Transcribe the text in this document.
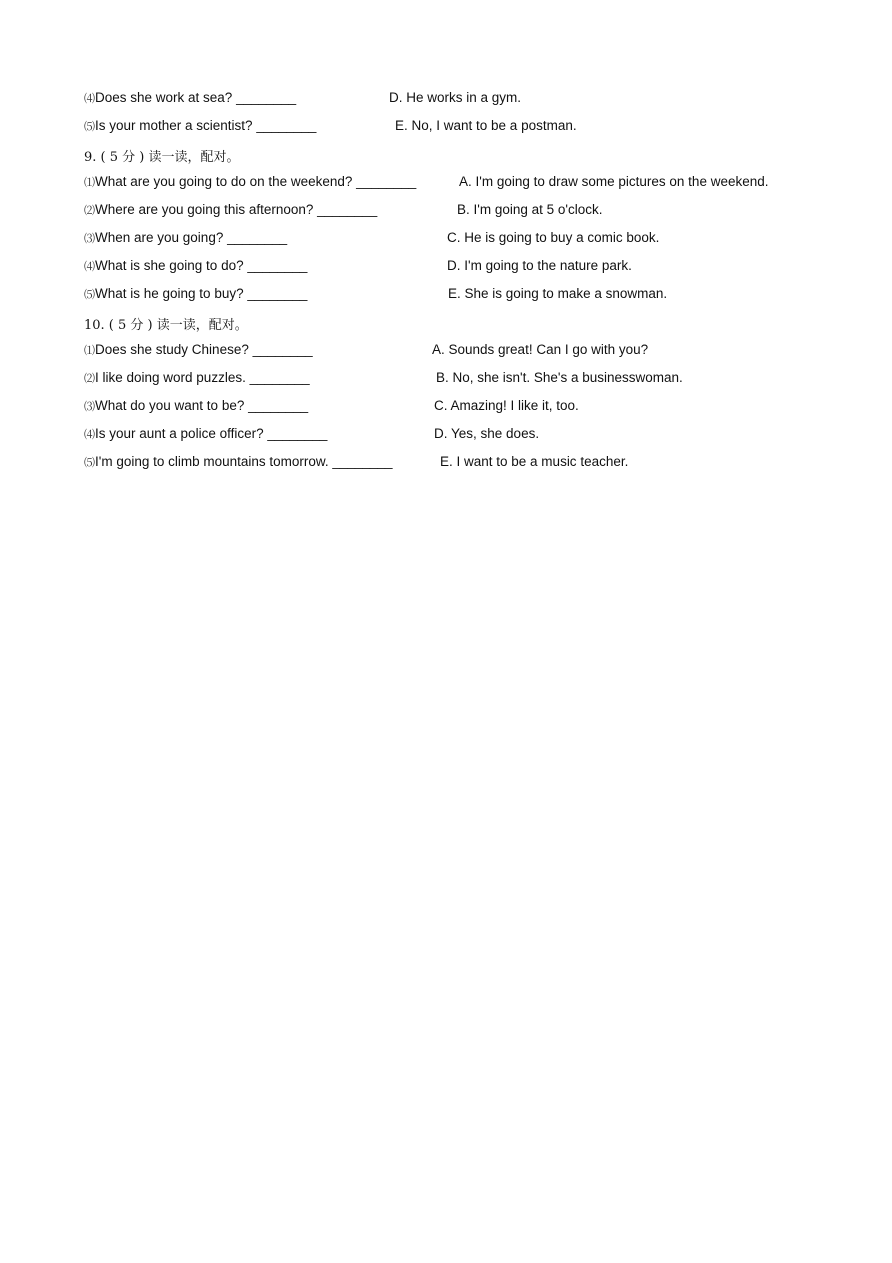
⑷Does she work at sea? ________	D. He works in a gym.
⑸Is your mother a scientist? ________	E. No, I want to be a postman.
9. ( 5 分 ) 读一读，配对。
⑴What are you going to do on the weekend? ________	A. I'm going to draw some pictures on the weekend.
⑵Where are you going this afternoon? ________	B. I'm going at 5 o'clock.
⑶When are you going? ________	C. He is going to buy a comic book.
⑷What is she going to do? ________	D. I'm going to the nature park.
⑸What is he going to buy? ________	E. She is going to make a snowman.
10. ( 5 分 ) 读一读，配对。
⑴Does she study Chinese? ________	A. Sounds great! Can I go with you?
⑵I like doing word puzzles. ________	B. No, she isn't. She's a businesswoman.
⑶What do you want to be? ________	C. Amazing! I like it, too.
⑷Is your aunt a police officer? ________	D. Yes, she does.
⑸I'm going to climb mountains tomorrow. ________	E. I want to be a music teacher.
